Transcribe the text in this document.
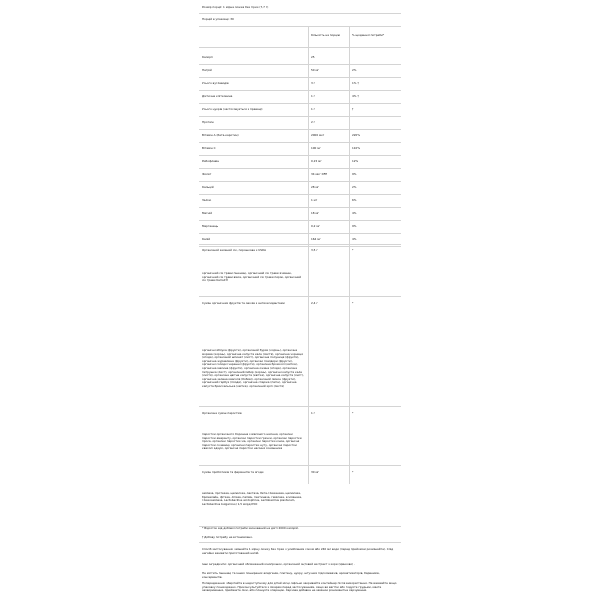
Розмір порції: 1 мірна ложка без гірки (7,7 г)
Порцій в упаковці: 30
Кількість на порцію	% щоденної потреби*
Калорії	25
Натрій	50 мг	2%
Усього вуглеводів	3 г	1% †
Дієтична клітковина	1 г	4% †
Усього цукрів (застосовується з праваці)	1 г	†
Протеїн	2 г
Вітамін A (бета-каротин)	2000 мкг	220%
Вітамін C	100 мг	110%
Рибофлавін	0,15 мг	12%
Фолат	34 мкг DFE	9%
Кальцій	28 мг	2%
Залізо	1 мг	6%
Магній	18 мг	4%
Марганець	0,2 мг	9%
Калій	164 мг	4%
Органічний зелений сік, порошкове з USDA	3,5 г	*
органічний сік трави пшениці, органічний сік трави ячменю, органічний сік трави вівса, органічний сік трави пирію, органічний сік трави Kamut®
Суміш органічних фруктів та овочів з антиоксидантами	2,4 г	*
органічні яблука (фрукти), органічний буряк (корінь), органічна морква (корінь), органічна капуста кале (листя), органічна чорниця (ягода), органічний шпинат (лист), органічна полуниця (фрукти), органічна журавлина (фрукти), органічні помідори (фрукти), органічні солодкі черешні (фрукти), органічна брокколі (квітка), органічна малина (фрукти), органічна ожина (ягода), органічна петрушка (лист), органічний імбир (корінь), органічні капуста кале (листя), органічна цвітна капуста (квітка), органічна капуста (лист), органічна зелена квасоля (бобові), органічний лимон (фрукти), органічний гарбуз (плоди), органічна спаржа (пагін), органічна капуста брюссельська (квітка), органічний кріп (листя)
Органічна суміш паростків	1 г	*
паростки органічного борошна з вівсяного насіння, органічні паростки амаранту, органічні паростки гречки, органічні паростки проса, органічні паростки чіа, органічні паростки кіноа, органічні паростки сочевиці, органічні паростки нуту, органічні паростки квасолі адзукі, органічні паростки насіння соняшника
Суміш пробіотиків та ферментів та ягоди	30 мг	*
амілаза, протеаза, целюлоза, лактаза, бета-глюканаза, целюлаза, бромелайн, фітаза, ліпаза, папаїн, пектиназа, гемілаза, ксиланаза, глюкоамілаза, Lactobacillus acidophilus, Lactobacillus plantarum, Lactobacillus bulgaricus) 1,5 млрд КУО
* Відсоток від добової потреби заснований на дієті 2000 калорій.
† Добову потребу не встановлено.
Спосіб застосування: змішайте 1 мірну ложку без гірки з улюбленим соком або 240 мл води (перед прийомом розмішайте). Слід негайно вживати приготований напій.
Інші інгредієнти: органічний обсмажений кінопрошок, органічний оцтовий екстракт з кори (Цинково) .
Не містить пшениці та інших поширених алергенів, глютену, цукру, штучних підсолювачів, ароматизаторів, барвників, консервантів.
Попередження: зберігайте в недоступному для дітей місці. Щільно закривайте контейнер після використання. Не вживайте якщо упаковку пошкоджено. Проконсультуйтеся з лікарем перед застосуванням, якщо ви вагітні або годуєте грудьми, маєте захворювання, приймаєте ліки, або плануєте операцію. Харчова добавка не замінює різноманітне харчування.
